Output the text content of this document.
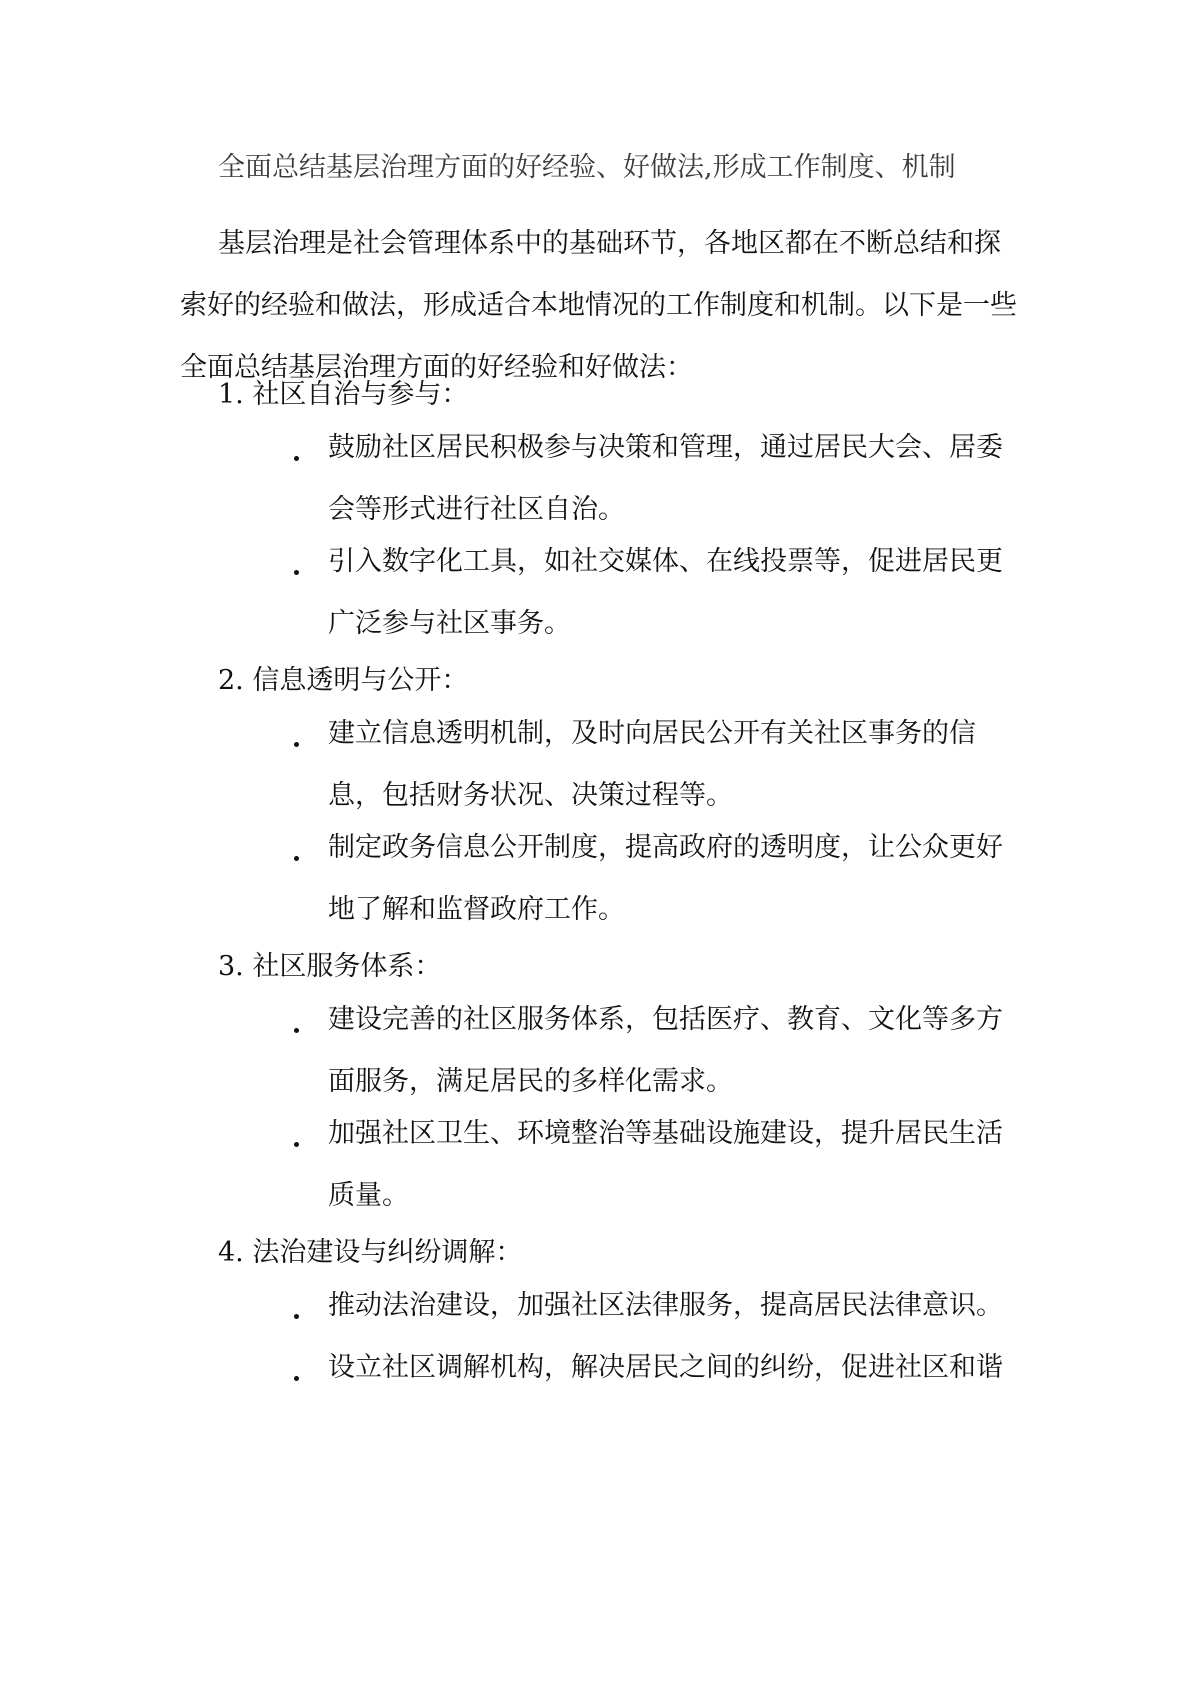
全面总结基层治理方面的好经验、好做法,形成工作制度、机制
基层治理是社会管理体系中的基础环节，各地区都在不断总结和探索好的经验和做法，形成适合本地情况的工作制度和机制。以下是一些全面总结基层治理方面的好经验和好做法：
1. 社区自治与参与：
鼓励社区居民积极参与决策和管理，通过居民大会、居委会等形式进行社区自治。
引入数字化工具，如社交媒体、在线投票等，促进居民更广泛参与社区事务。
2. 信息透明与公开：
建立信息透明机制，及时向居民公开有关社区事务的信息，包括财务状况、决策过程等。
制定政务信息公开制度，提高政府的透明度，让公众更好地了解和监督政府工作。
3. 社区服务体系：
建设完善的社区服务体系，包括医疗、教育、文化等多方面服务，满足居民的多样化需求。
加强社区卫生、环境整治等基础设施建设，提升居民生活质量。
4. 法治建设与纠纷调解：
推动法治建设，加强社区法律服务，提高居民法律意识。
设立社区调解机构，解决居民之间的纠纷，促进社区和谐
